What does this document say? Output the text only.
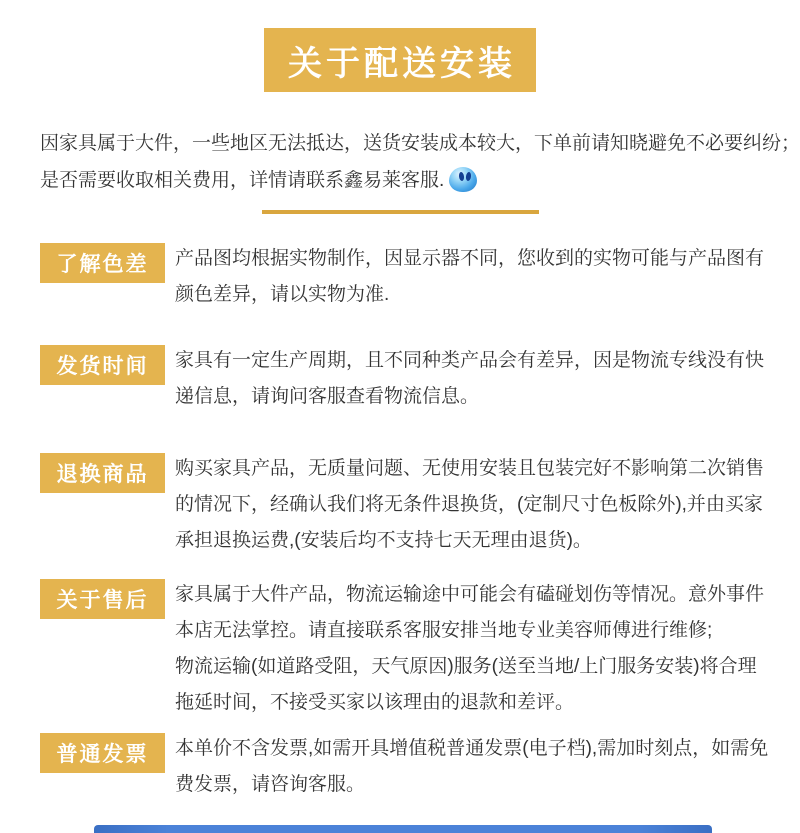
关于配送安装
因家具属于大件，一些地区无法抵达，送货安装成本较大，下单前请知晓避免不必要纠纷；
是否需要收取相关费用，详情请联系鑫易莱客服.
了解色差	产品图均根据实物制作，因显示器不同，您收到的实物可能与产品图有颜色差异，请以实物为准.

发货时间	家具有一定生产周期，且不同种类产品会有差异，因是物流专线没有快递信息，请询问客服查看物流信息。

退换商品	购买家具产品，无质量问题、无使用安装且包装完好不影响第二次销售的情况下，经确认我们将无条件退换货，(定制尺寸色板除外),并由买家承担退换运费,(安装后均不支持七天无理由退货)。

关于售后	家具属于大件产品，物流运输途中可能会有磕碰划伤等情况。意外事件本店无法掌控。请直接联系客服安排当地专业美容师傅进行维修;

物流运输(如道路受阻，天气原因)服务(送至当地/上门服务安装)将合理拖延时间，不接受买家以该理由的退款和差评。

普通发票	本单价不含发票,如需开具增值税普通发票(电子档),需加时刻点，如需免费发票，请咨询客服。
